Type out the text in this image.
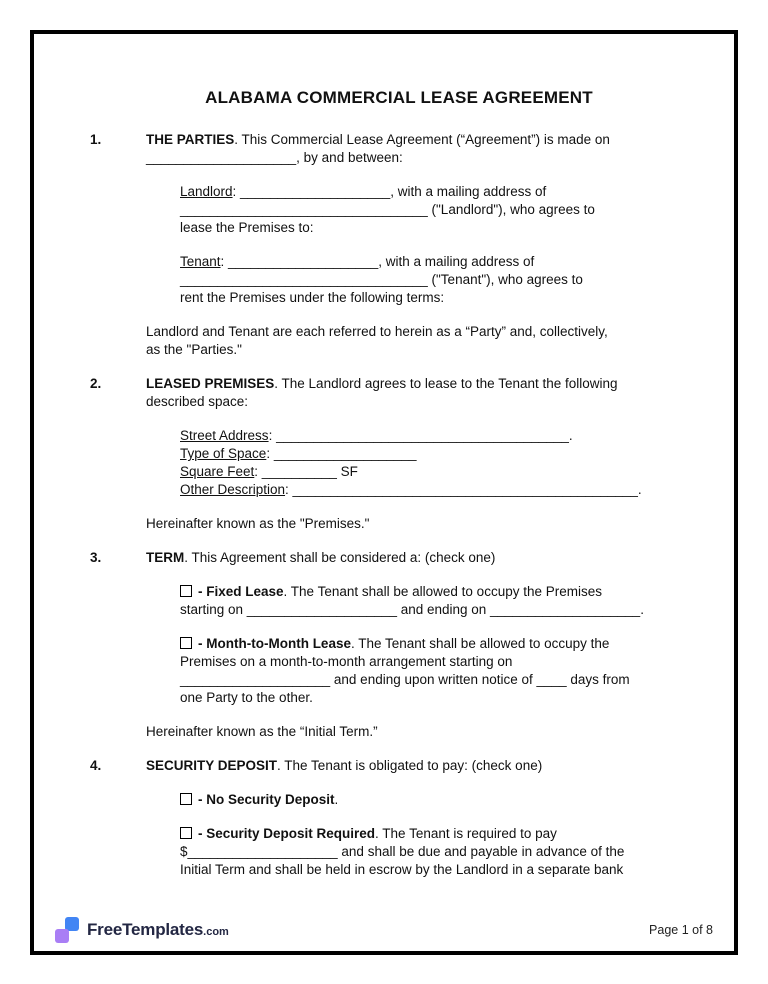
ALABAMA COMMERCIAL LEASE AGREEMENT
1.	THE PARTIES. This Commercial Lease Agreement (“Agreement”) is made on
____________________, by and between:
Landlord: ____________________, with a mailing address of
_________________________________ ("Landlord"), who agrees to
lease the Premises to:
Tenant: ____________________, with a mailing address of
_________________________________ ("Tenant"), who agrees to
rent the Premises under the following terms:
Landlord and Tenant are each referred to herein as a “Party” and, collectively,
as the "Parties."
2.	LEASED PREMISES. The Landlord agrees to lease to the Tenant the following
described space:
Street Address: _______________________________________.
Type of Space: ___________________
Square Feet: __________ SF
Other Description: ______________________________________________.
Hereinafter known as the "Premises."
3.	TERM. This Agreement shall be considered a: (check one)
- Fixed Lease. The Tenant shall be allowed to occupy the Premises
starting on ____________________ and ending on ____________________.
- Month-to-Month Lease. The Tenant shall be allowed to occupy the
Premises on a month-to-month arrangement starting on
____________________ and ending upon written notice of ____ days from
one Party to the other.
Hereinafter known as the “Initial Term.”
4.	SECURITY DEPOSIT. The Tenant is obligated to pay: (check one)
- No Security Deposit.
- Security Deposit Required. The Tenant is required to pay
$____________________ and shall be due and payable in advance of the
Initial Term and shall be held in escrow by the Landlord in a separate bank
FreeTemplates.com	Page 1 of 8
